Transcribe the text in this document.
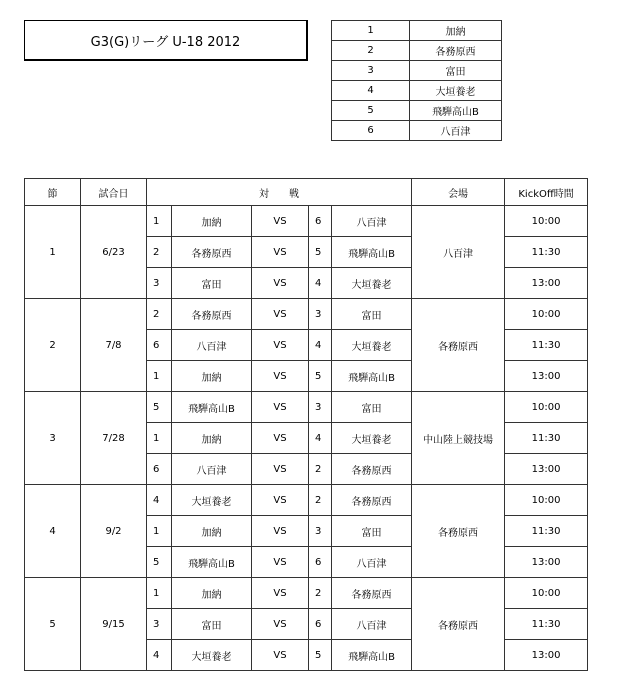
G3(G)リーグ U-18 2012
1	加納
2	各務原西
3	富田
4	大垣養老
5	飛騨高山B
6	八百津
節	試合日	対　　戦					会場	KickOff時間
1	6/23	1	加納	VS	6	八百津	八百津	10:00
		2	各務原西	VS	5	飛騨高山B		11:30
		3	富田	VS	4	大垣養老		13:00
2	7/8	2	各務原西	VS	3	富田	各務原西	10:00
		6	八百津	VS	4	大垣養老		11:30
		1	加納	VS	5	飛騨高山B		13:00
3	7/28	5	飛騨高山B	VS	3	富田	中山陸上競技場	10:00
		1	加納	VS	4	大垣養老		11:30
		6	八百津	VS	2	各務原西		13:00
4	9/2	4	大垣養老	VS	2	各務原西	各務原西	10:00
		1	加納	VS	3	富田		11:30
		5	飛騨高山B	VS	6	八百津		13:00
5	9/15	1	加納	VS	2	各務原西	各務原西	10:00
		3	富田	VS	6	八百津		11:30
		4	大垣養老	VS	5	飛騨高山B		13:00
